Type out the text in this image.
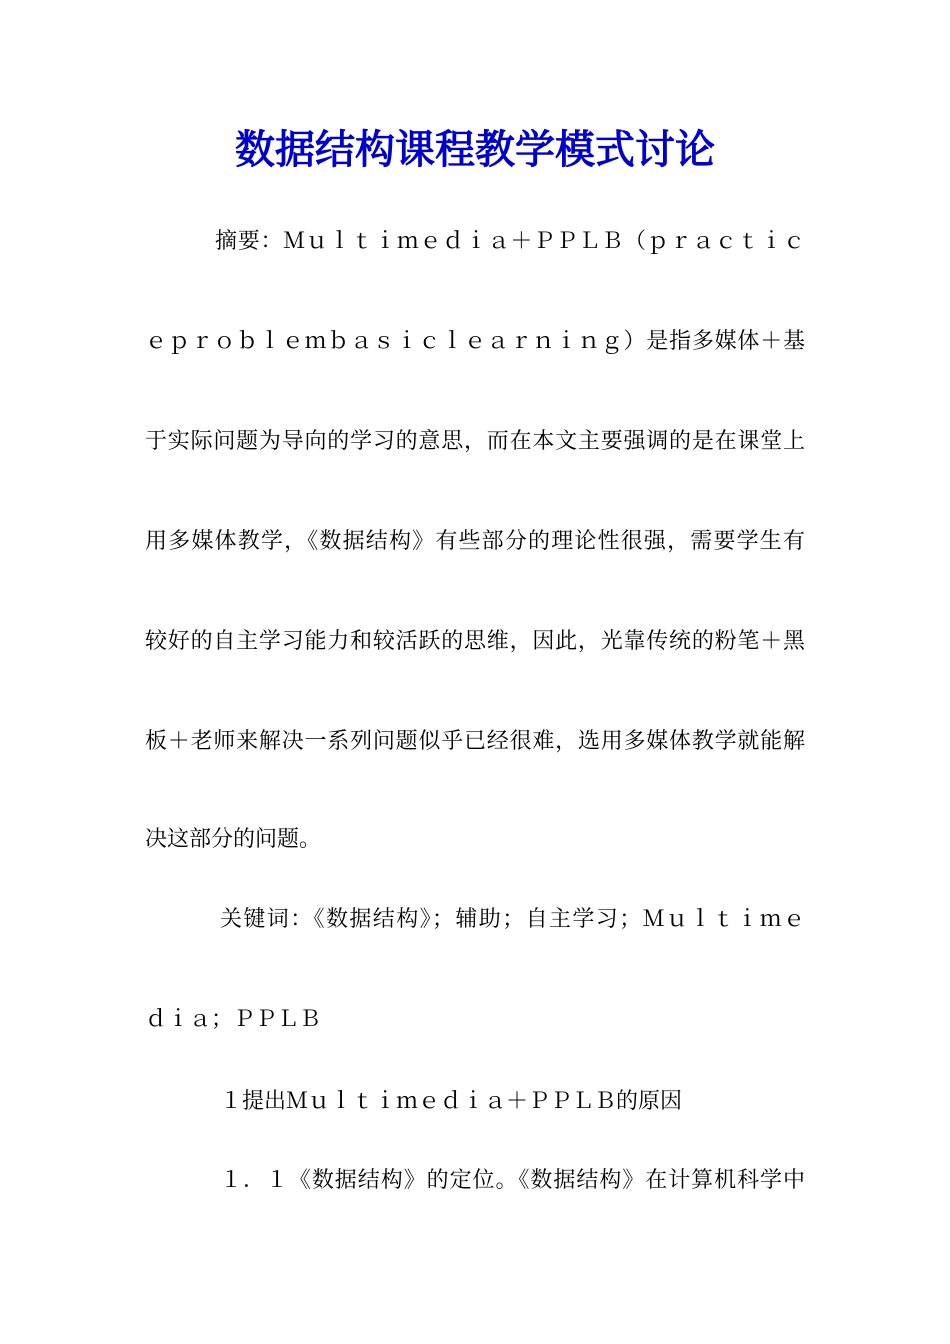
数据结构课程教学模式讨论

摘要：Ｍｕｌｔｉｍｅｄｉａ＋ＰＰＬＢ（ｐｒａｃｔｉｃ

ｅｐｒｏｂｌｅｍｂａｓｉｃｌｅａｒｎｉｎｇ）是指多媒体＋基

于实际问题为导向的学习的意思，而在本文主要强调的是在课堂上

用多媒体教学，《数据结构》有些部分的理论性很强，需要学生有

较好的自主学习能力和较活跃的思维，因此，光靠传统的粉笔＋黑

板＋老师来解决一系列问题似乎已经很难，选用多媒体教学就能解

决这部分的问题。

关键词：《数据结构》；辅助；自主学习；Ｍｕｌｔｉｍｅ

ｄｉａ；ＰＰＬＢ

１提出Ｍｕｌｔｉｍｅｄｉａ＋ＰＰＬＢ的原因

１．１《数据结构》的定位。《数据结构》在计算机科学中
